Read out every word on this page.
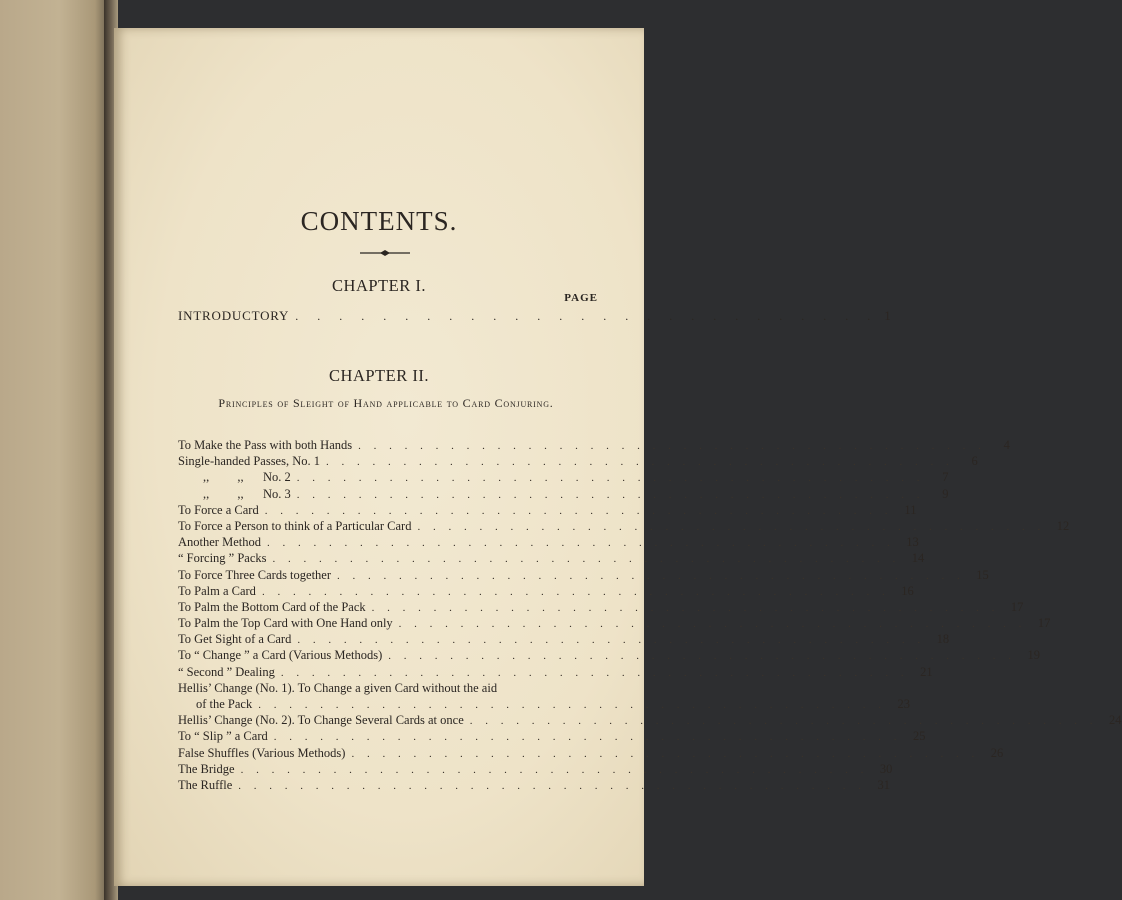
CONTENTS.
CHAPTER I.
PAGE
INTRODUCTORY . . . . . . . . . . . . . . . . . . . . . . . . . . . 1
CHAPTER II.
Principles of Sleight of Hand applicable to Card Conjuring.
To Make the Pass with both Hands . . .	4
Single-handed Passes, No. 1 . . .	6
,,         ,, No. 2 . . .	7
,,         ,, No. 3 . . .	9
To Force a Card . . .	11
To Force a Person to think of a Particular Card . . .	12
Another Method . . .	13
“ Forcing ” Packs . . .	14
To Force Three Cards together . . .	15
To Palm a Card . . .	16
To Palm the Bottom Card of the Pack . . .	17
To Palm the Top Card with One Hand only . . .	17
To Get Sight of a Card . . .	18
To “ Change ” a Card (Various Methods) . . .	19
“ Second ” Dealing . . .	21
Hellis’ Change (No. 1). To Change a given Card without the aid
of the Pack . . .	23
Hellis’ Change (No. 2). To Change Several Cards at once . . .	24
To “ Slip ” a Card . . .	25
False Shuffles (Various Methods) . . .	26
The Bridge . . .	30
The Ruffle . . .	31
